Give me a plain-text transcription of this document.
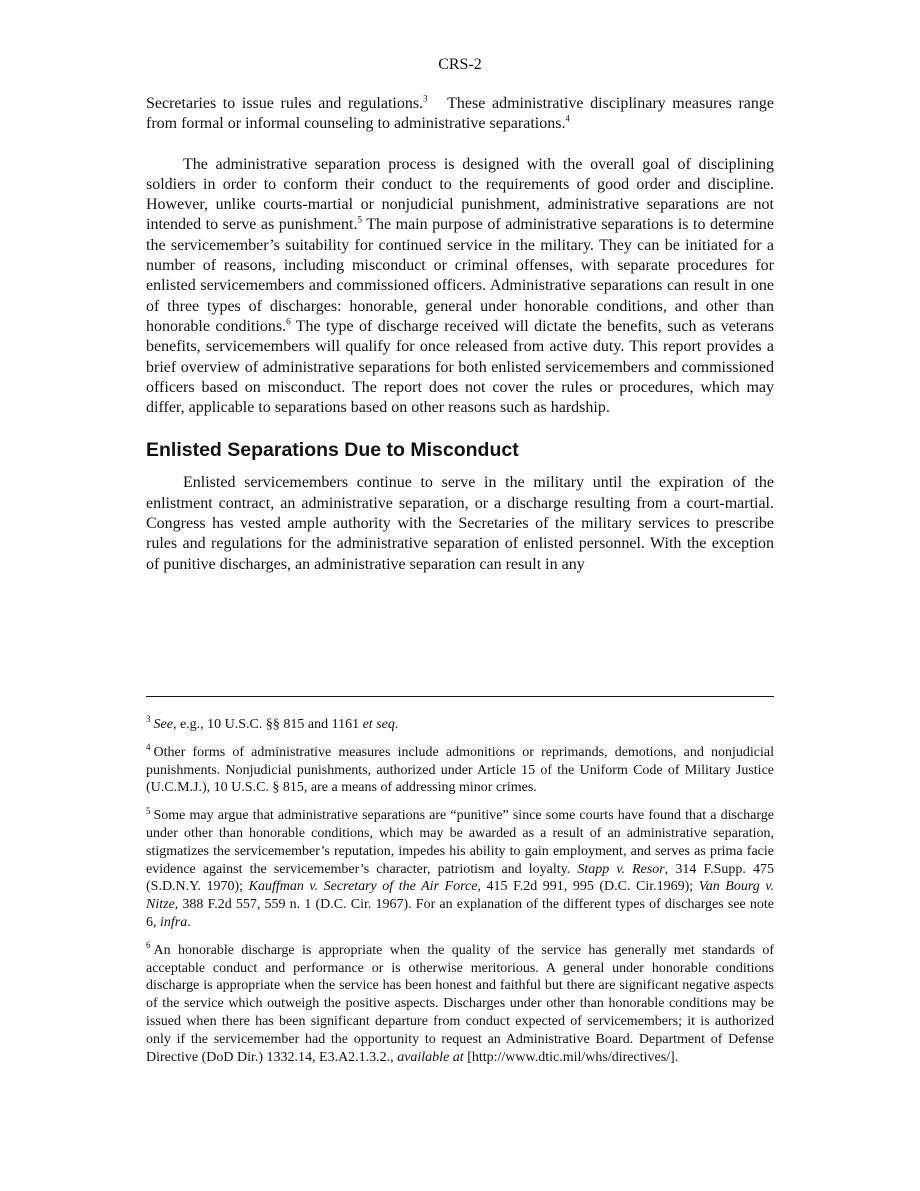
CRS-2

Secretaries to issue rules and regulations.$^3$   These administrative disciplinary measures range from formal or informal counseling to administrative separations.$^4$

The administrative separation process is designed with the overall goal of disciplining soldiers in order to conform their conduct to the requirements of good order and discipline. However, unlike courts-martial or nonjudicial punishment, administrative separations are not intended to serve as punishment.$^5$ The main purpose of administrative separations is to determine the servicemember’s suitability for continued service in the military. They can be initiated for a number of reasons, including misconduct or criminal offenses, with separate procedures for enlisted servicemembers and commissioned officers. Administrative separations can result in one of three types of discharges: honorable, general under honorable conditions, and other than honorable conditions.$^6$ The type of discharge received will dictate the benefits, such as veterans benefits, servicemembers will qualify for once released from active duty. This report provides a brief overview of administrative separations for both enlisted servicemembers and commissioned officers based on misconduct. The report does not cover the rules or procedures, which may differ, applicable to separations based on other reasons such as hardship.

Enlisted Separations Due to Misconduct

Enlisted servicemembers continue to serve in the military until the expiration of the enlistment contract, an administrative separation, or a discharge resulting from a court-martial. Congress has vested ample authority with the Secretaries of the military services to prescribe rules and regulations for the administrative separation of enlisted personnel. With the exception of punitive discharges, an administrative separation can result in any

$^3$ See, e.g., 10 U.S.C. §§ 815 and 1161 et seq.

$^4$ Other forms of administrative measures include admonitions or reprimands, demotions, and nonjudicial punishments. Nonjudicial punishments, authorized under Article 15 of the Uniform Code of Military Justice (U.C.M.J.), 10 U.S.C. § 815, are a means of addressing minor crimes.

$^5$ Some may argue that administrative separations are “punitive” since some courts have found that a discharge under other than honorable conditions, which may be awarded as a result of an administrative separation, stigmatizes the servicemember’s reputation, impedes his ability to gain employment, and serves as prima facie evidence against the servicemember’s character, patriotism and loyalty. Stapp v. Resor, 314 F.Supp. 475 (S.D.N.Y. 1970); Kauffman v. Secretary of the Air Force, 415 F.2d 991, 995 (D.C. Cir.1969); Van Bourg v. Nitze, 388 F.2d 557, 559 n. 1 (D.C. Cir. 1967). For an explanation of the different types of discharges see note 6, infra.

$^6$ An honorable discharge is appropriate when the quality of the service has generally met standards of acceptable conduct and performance or is otherwise meritorious. A general under honorable conditions discharge is appropriate when the service has been honest and faithful but there are significant negative aspects of the service which outweigh the positive aspects. Discharges under other than honorable conditions may be issued when there has been significant departure from conduct expected of servicemembers; it is authorized only if the servicemember had the opportunity to request an Administrative Board. Department of Defense Directive (DoD Dir.) 1332.14, E3.A2.1.3.2., available at [http://www.dtic.mil/whs/directives/].
